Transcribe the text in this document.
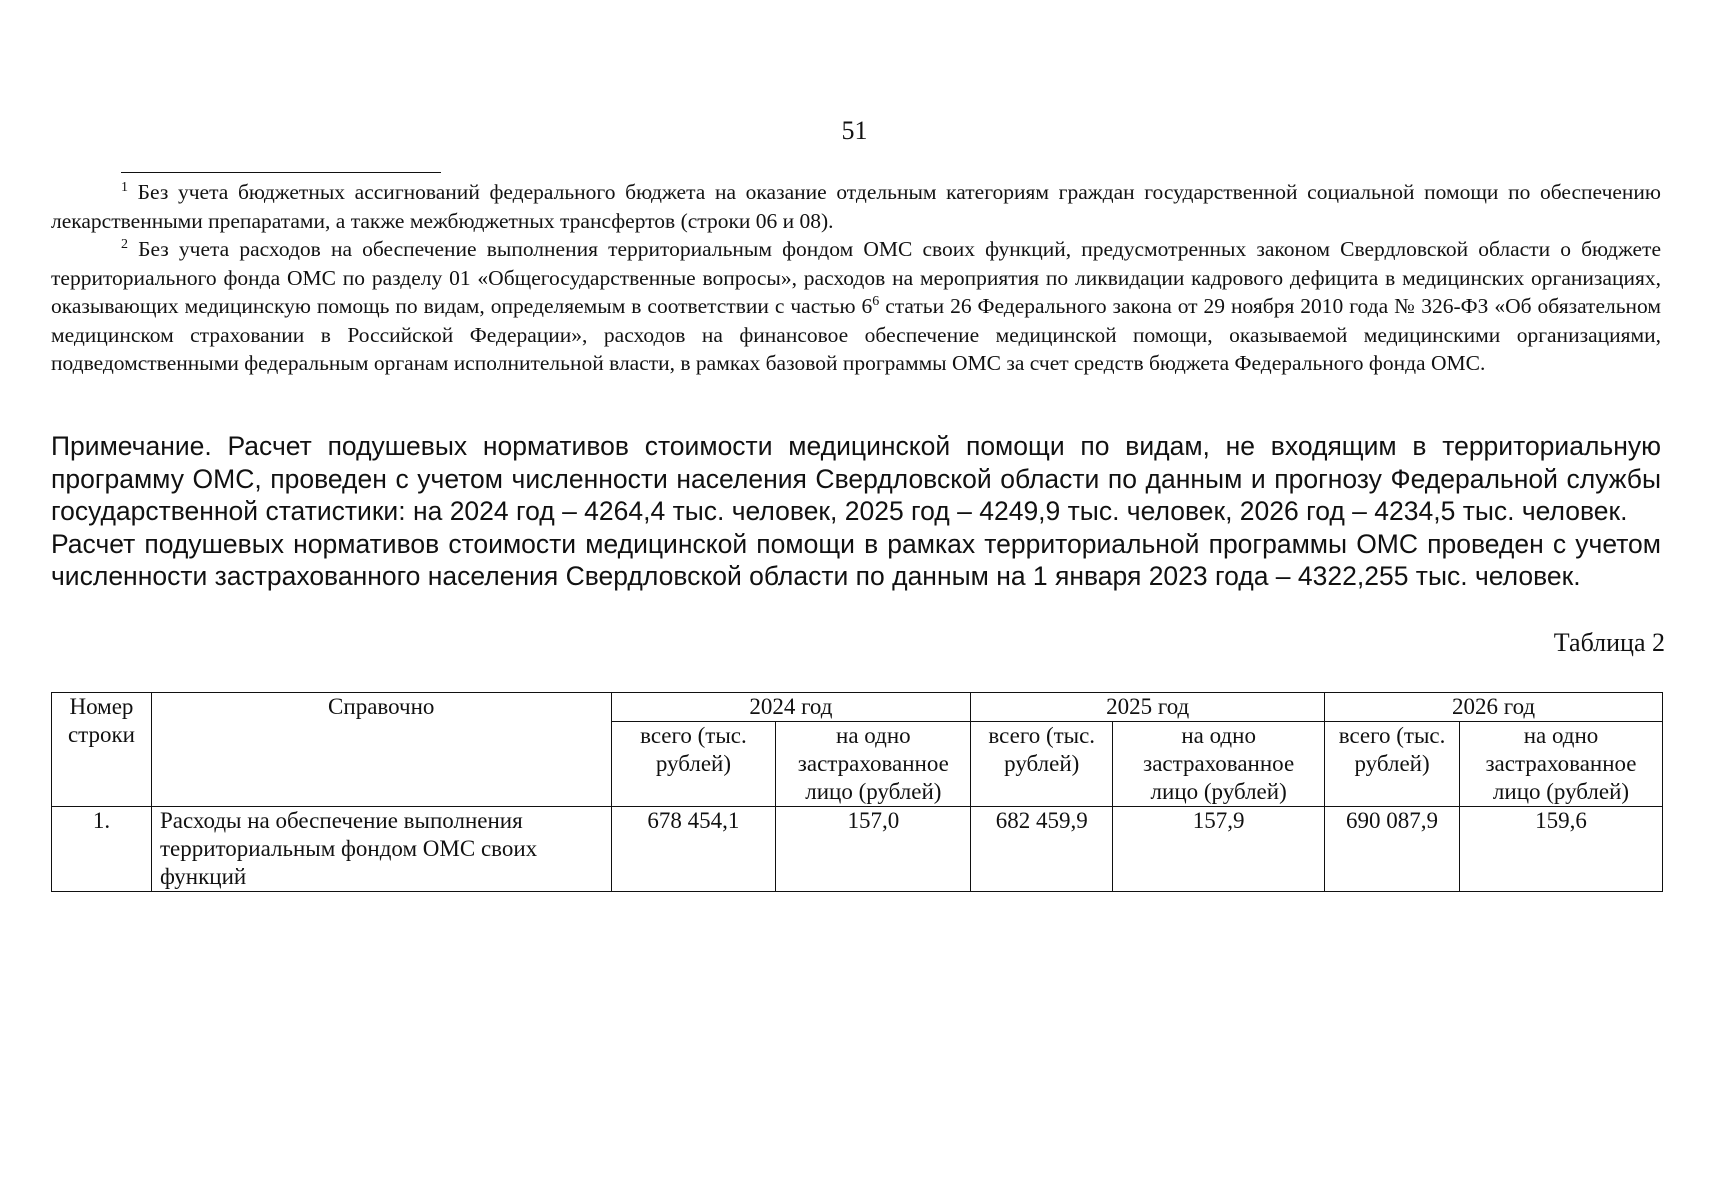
51

$^1$ Без учета бюджетных ассигнований федерального бюджета на оказание отдельным категориям граждан государственной социальной помощи по обеспечению лекарственными препаратами, а также межбюджетных трансфертов (строки 06 и 08).

$^2$ Без учета расходов на обеспечение выполнения территориальным фондом ОМС своих функций, предусмотренных законом Свердловской области о бюджете территориального фонда ОМС по разделу 01 «Общегосударственные вопросы», расходов на мероприятия по ликвидации кадрового дефицита в медицинских организациях, оказывающих медицинскую помощь по видам, определяемым в соответствии с частью $6^6$ статьи 26 Федерального закона от 29 ноября 2010 года № 326-ФЗ «Об обязательном медицинском страховании в Российской Федерации», расходов на финансовое обеспечение медицинской помощи, оказываемой медицинскими организациями, подведомственными федеральным органам исполнительной власти, в рамках базовой программы ОМС за счет средств бюджета Федерального фонда ОМС.

Примечание. Расчет подушевых нормативов стоимости медицинской помощи по видам, не входящим в территориальную программу ОМС, проведен с учетом численности населения Свердловской области по данным и прогнозу Федеральной службы государственной статистики: на 2024 год – 4264,4 тыс. человек, 2025 год – 4249,9 тыс. человек, 2026 год – 4234,5 тыс. человек.

Расчет подушевых нормативов стоимости медицинской помощи в рамках территориальной программы ОМС проведен с учетом численности застрахованного населения Свердловской области по данным на 1 января 2023 года – 4322,255 тыс. человек.

Таблица 2
Номер строки	Справочно	2024 год		2025 год		2026 год	
		всего (тыс. рублей)	на одно застрахованное лицо (рублей)	всего (тыс. рублей)	на одно застрахованное лицо (рублей)	всего (тыс. рублей)	на одно застрахованное лицо (рублей)
1.	Расходы на обеспечение выполнения территориальным фондом ОМС своих функций	678 454,1	157,0	682 459,9	157,9	690 087,9	159,6
